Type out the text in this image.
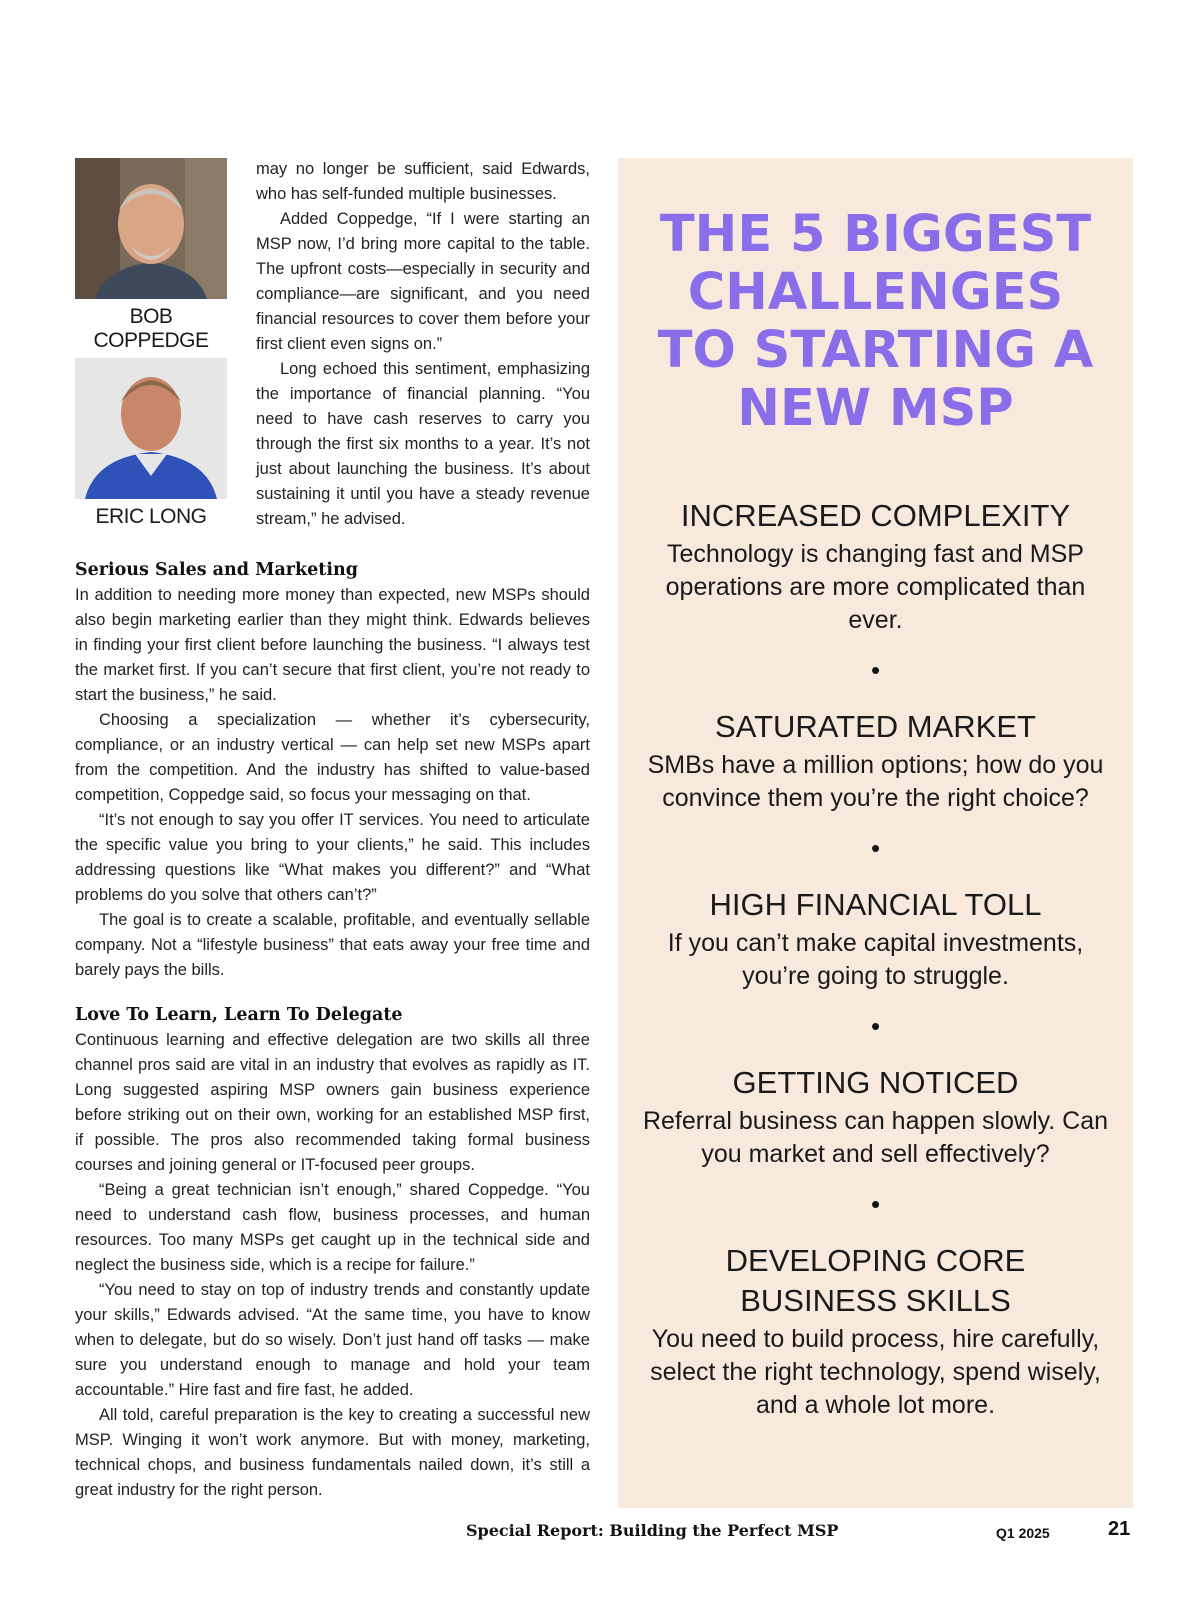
BOB COPPEDGE
ERIC LONG

may no longer be sufficient, said Edwards, who has self-funded multiple businesses.

Added Coppedge, “If I were starting an MSP now, I’d bring more capital to the table. The upfront costs—especially in security and compliance—are significant, and you need financial resources to cover them before your first client even signs on.”

Long echoed this sentiment, emphasizing the importance of financial planning. “You need to have cash reserves to carry you through the first six months to a year. It’s not just about launching the business. It’s about sustaining it until you have a steady revenue stream,” he advised.

Serious Sales and Marketing

In addition to needing more money than expected, new MSPs should also begin marketing earlier than they might think. Edwards believes in finding your first client before launching the business. “I always test the market first. If you can’t secure that first client, you’re not ready to start the business,” he said.

Choosing a specialization — whether it’s cybersecurity, compliance, or an industry vertical — can help set new MSPs apart from the competition. And the industry has shifted to value-based competition, Coppedge said, so focus your messaging on that.

“It’s not enough to say you offer IT services. You need to articulate the specific value you bring to your clients,” he said. This includes addressing questions like “What makes you different?” and “What problems do you solve that others can’t?”

The goal is to create a scalable, profitable, and eventually sellable company. Not a “lifestyle business” that eats away your free time and barely pays the bills.

Love To Learn, Learn To Delegate

Continuous learning and effective delegation are two skills all three channel pros said are vital in an industry that evolves as rapidly as IT. Long suggested aspiring MSP owners gain business experience before striking out on their own, working for an established MSP first, if possible. The pros also recommended taking formal business courses and joining general or IT-focused peer groups.

“Being a great technician isn’t enough,” shared Coppedge. “You need to understand cash flow, business processes, and human resources. Too many MSPs get caught up in the technical side and neglect the business side, which is a recipe for failure.”

“You need to stay on top of industry trends and constantly update your skills,” Edwards advised. “At the same time, you have to know when to delegate, but do so wisely. Don’t just hand off tasks — make sure you understand enough to manage and hold your team accountable.” Hire fast and fire fast, he added.

All told, careful preparation is the key to creating a successful new MSP. Winging it won’t work anymore. But with money, marketing, technical chops, and business fundamentals nailed down, it’s still a great industry for the right person.

THE 5 BIGGEST
CHALLENGES
TO STARTING A
NEW MSP

INCREASED COMPLEXITY

Technology is changing fast and MSP operations are more complicated than ever.

•

SATURATED MARKET

SMBs have a million options; how do you convince them you’re the right choice?

•

HIGH FINANCIAL TOLL

If you can’t make capital investments, you’re going to struggle.

•

GETTING NOTICED

Referral business can happen slowly. Can you market and sell effectively?

•

DEVELOPING CORE BUSINESS SKILLS

You need to build process, hire carefully, select the right technology, spend wisely, and a whole lot more.

Special Report: Building the Perfect MSP	Q1 2025	21
